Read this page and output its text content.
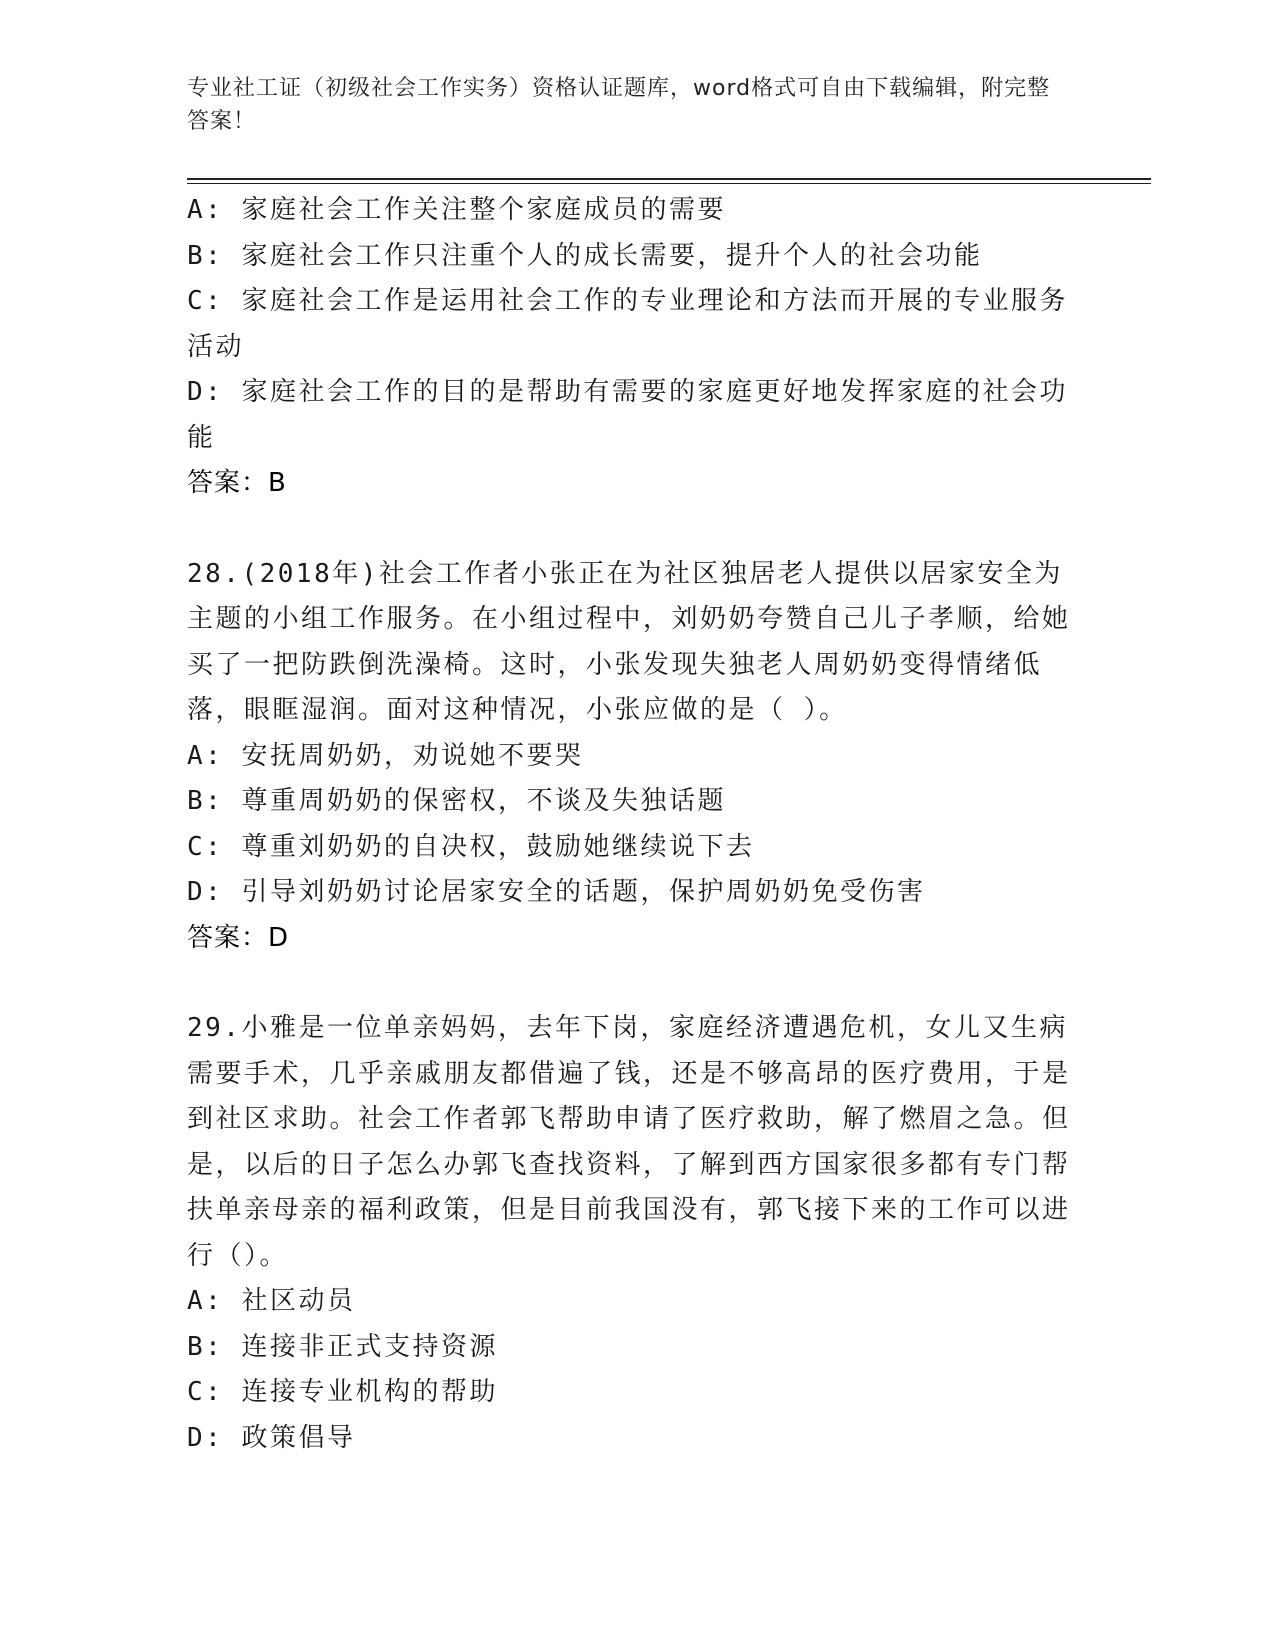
专业社工证（初级社会工作实务）资格认证题库，word格式可自由下载编辑，附完整答案！

A: 家庭社会工作关注整个家庭成员的需要

B: 家庭社会工作只注重个人的成长需要，提升个人的社会功能

C: 家庭社会工作是运用社会工作的专业理论和方法而开展的专业服务活动

D: 家庭社会工作的目的是帮助有需要的家庭更好地发挥家庭的社会功能

答案：B

28.(2018年)社会工作者小张正在为社区独居老人提供以居家安全为主题的小组工作服务。在小组过程中，刘奶奶夸赞自己儿子孝顺，给她买了一把防跌倒洗澡椅。这时，小张发现失独老人周奶奶变得情绪低落，眼眶湿润。面对这种情况，小张应做的是（ ）。

A: 安抚周奶奶，劝说她不要哭

B: 尊重周奶奶的保密权，不谈及失独话题

C: 尊重刘奶奶的自决权，鼓励她继续说下去

D: 引导刘奶奶讨论居家安全的话题，保护周奶奶免受伤害

答案：D

29.小雅是一位单亲妈妈，去年下岗，家庭经济遭遇危机，女儿又生病需要手术，几乎亲戚朋友都借遍了钱，还是不够高昂的医疗费用，于是到社区求助。社会工作者郭飞帮助申请了医疗救助，解了燃眉之急。但是，以后的日子怎么办郭飞查找资料，了解到西方国家很多都有专门帮扶单亲母亲的福利政策，但是目前我国没有，郭飞接下来的工作可以进行（）。

A: 社区动员

B: 连接非正式支持资源

C: 连接专业机构的帮助

D: 政策倡导
